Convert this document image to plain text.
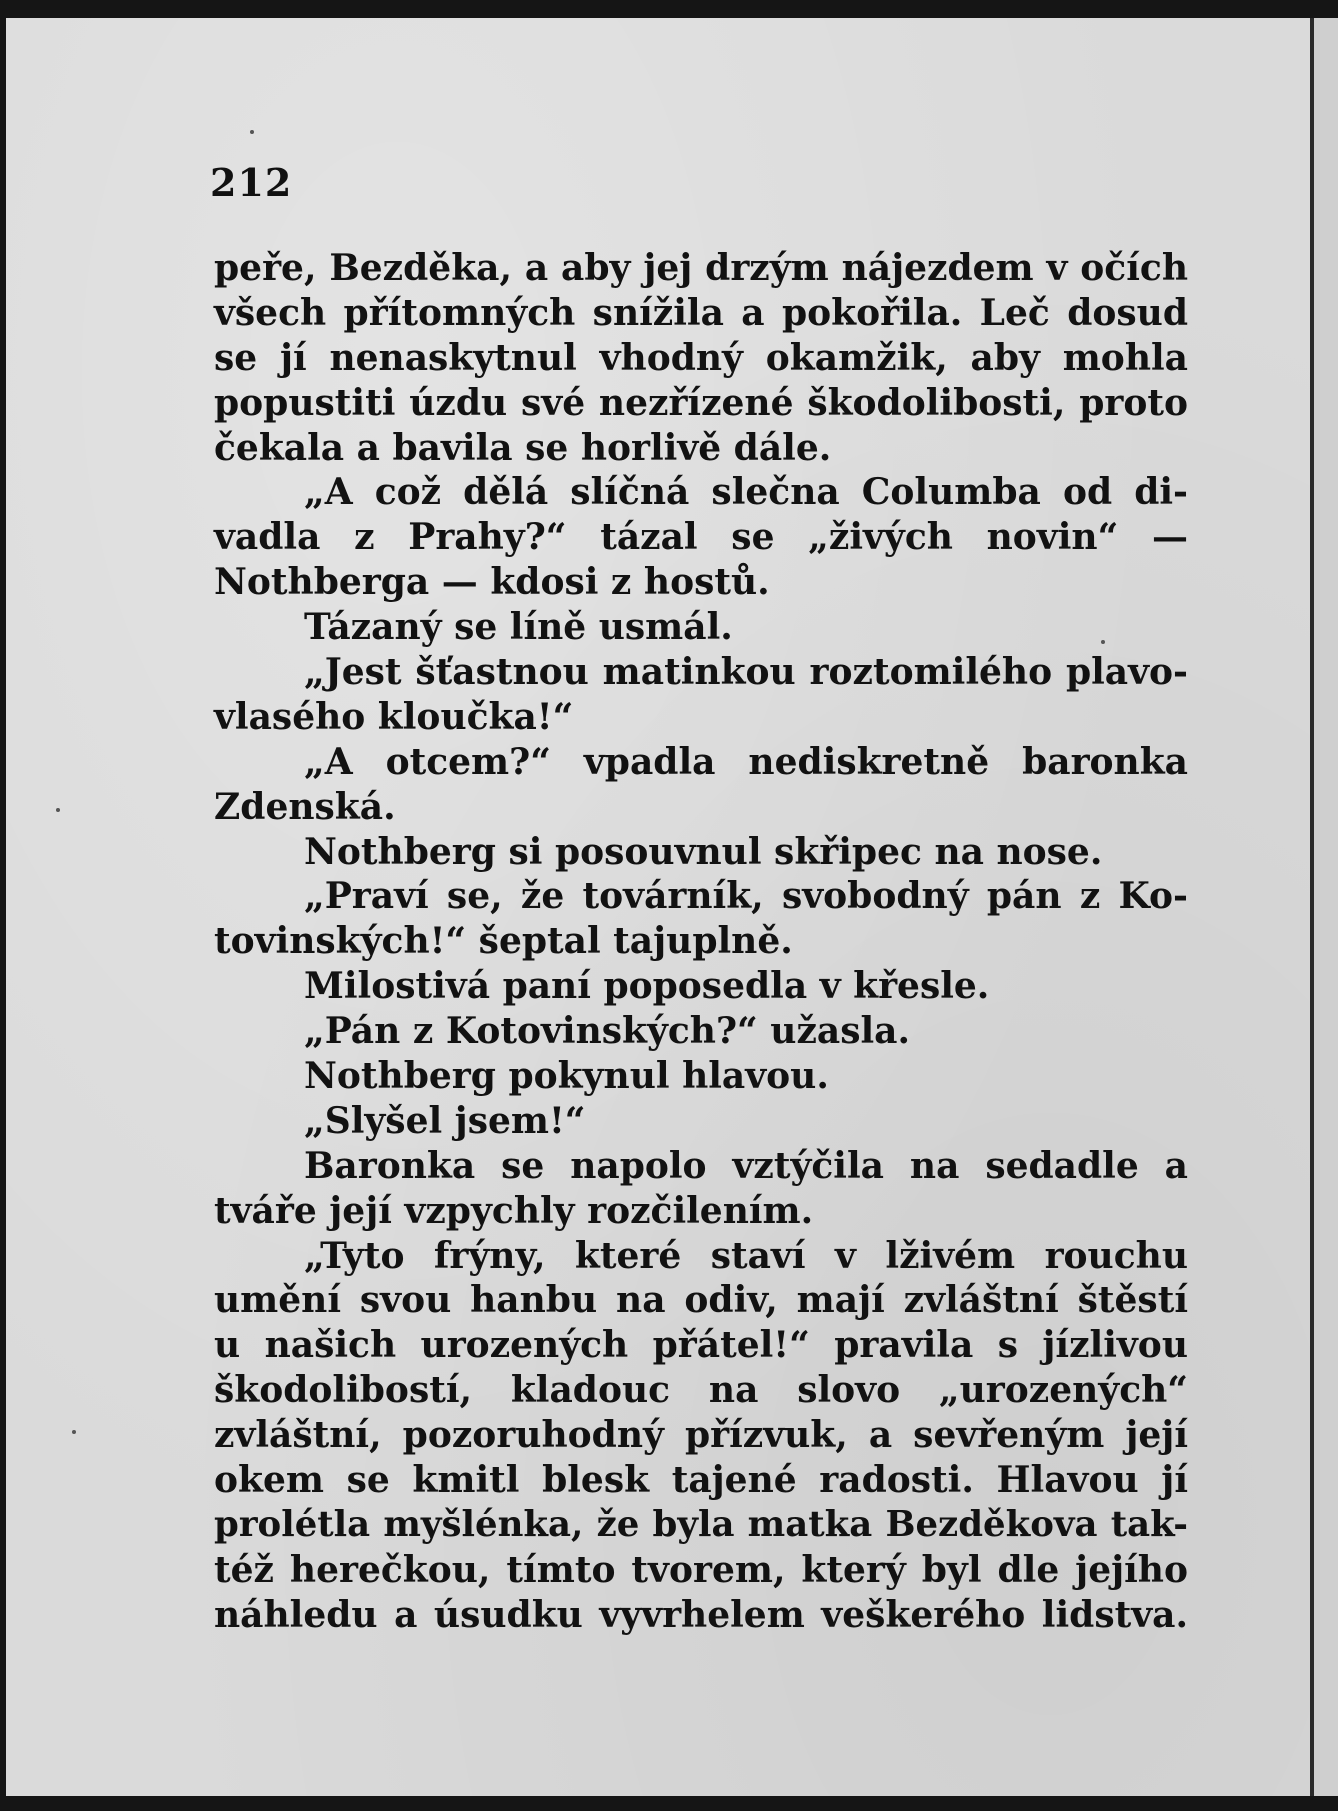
212
peře, Bezděka, a aby jej drzým nájezdem v očích
všech přítomných snížila a pokořila. Leč dosud
se jí nenaskytnul vhodný okamžik, aby mohla
popustiti úzdu své nezřízené škodolibosti, proto
čekala a bavila se horlivě dále.
„A což dělá slíčná slečna Columba od di-
vadla z Prahy?“ tázal se „živých novin“ —
Nothberga — kdosi z hostů.
Tázaný se líně usmál.
„Jest šťastnou matinkou roztomilého plavo-
vlasého kloučka!“
„A otcem?“ vpadla nediskretně baronka
Zdenská.
Nothberg si posouvnul skřipec na nose.
„Praví se, že továrník, svobodný pán z Ko-
tovinských!“ šeptal tajuplně.
Milostivá paní poposedla v křesle.
„Pán z Kotovinských?“ užasla.
Nothberg pokynul hlavou.
„Slyšel jsem!“
Baronka se napolo vztýčila na sedadle a
tváře její vzpychly rozčilením.
„Tyto frýny, které staví v lživém rouchu
umění svou hanbu na odiv, mají zvláštní štěstí
u našich urozených přátel!“ pravila s jízlivou
škodolibostí, kladouc na slovo „urozených“
zvláštní, pozoruhodný přízvuk, a sevřeným její
okem se kmitl blesk tajené radosti. Hlavou jí
prolétla myšlénka, že byla matka Bezděkova tak-
též herečkou, tímto tvorem, který byl dle jejího
náhledu a úsudku vyvrhelem veškerého lidstva.
